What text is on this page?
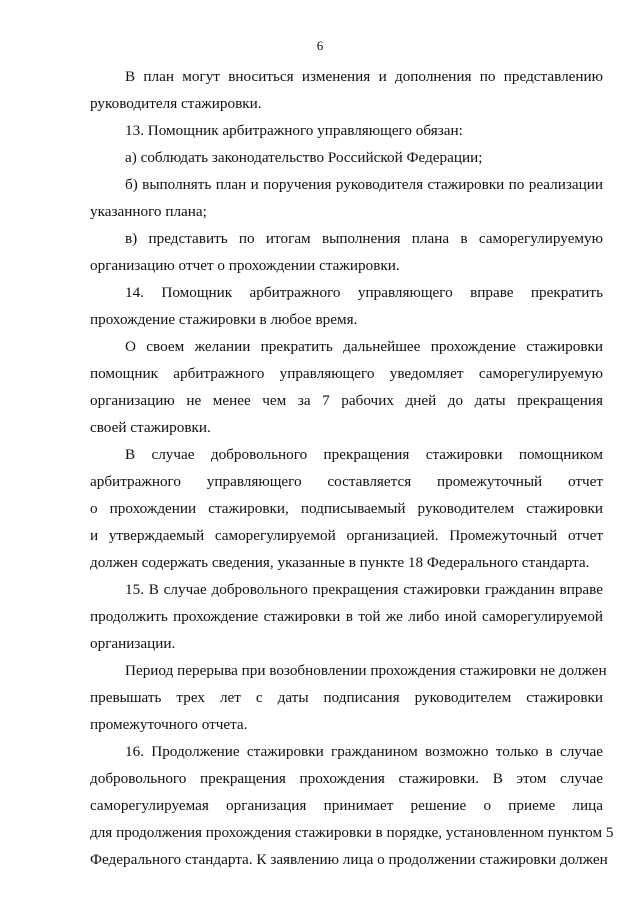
6
В план могут вноситься изменения и дополнения по представлению
руководителя стажировки.
13. Помощник арбитражного управляющего обязан:
а) соблюдать законодательство Российской Федерации;
б) выполнять план и поручения руководителя стажировки по реализации
указанного плана;
в) представить по итогам выполнения плана в саморегулируемую
организацию отчет о прохождении стажировки.
14. Помощник арбитражного управляющего вправе прекратить
прохождение стажировки в любое время.
О своем желании прекратить дальнейшее прохождение стажировки
помощник арбитражного управляющего уведомляет саморегулируемую
организацию не менее чем за 7 рабочих дней до даты прекращения
своей стажировки.
В случае добровольного прекращения стажировки помощником
арбитражного управляющего составляется промежуточный отчет
о прохождении стажировки, подписываемый руководителем стажировки
и утверждаемый саморегулируемой организацией. Промежуточный отчет
должен содержать сведения, указанные в пункте 18 Федерального стандарта.
15. В случае добровольного прекращения стажировки гражданин вправе
продолжить прохождение стажировки в той же либо иной саморегулируемой
организации.
Период перерыва при возобновлении прохождения стажировки не должен
превышать трех лет с даты подписания руководителем стажировки
промежуточного отчета.
16. Продолжение стажировки гражданином возможно только в случае
добровольного прекращения прохождения стажировки. В этом случае
саморегулируемая организация принимает решение о приеме лица
для продолжения прохождения стажировки в порядке, установленном пунктом 5
Федерального стандарта. К заявлению лица о продолжении стажировки должен
